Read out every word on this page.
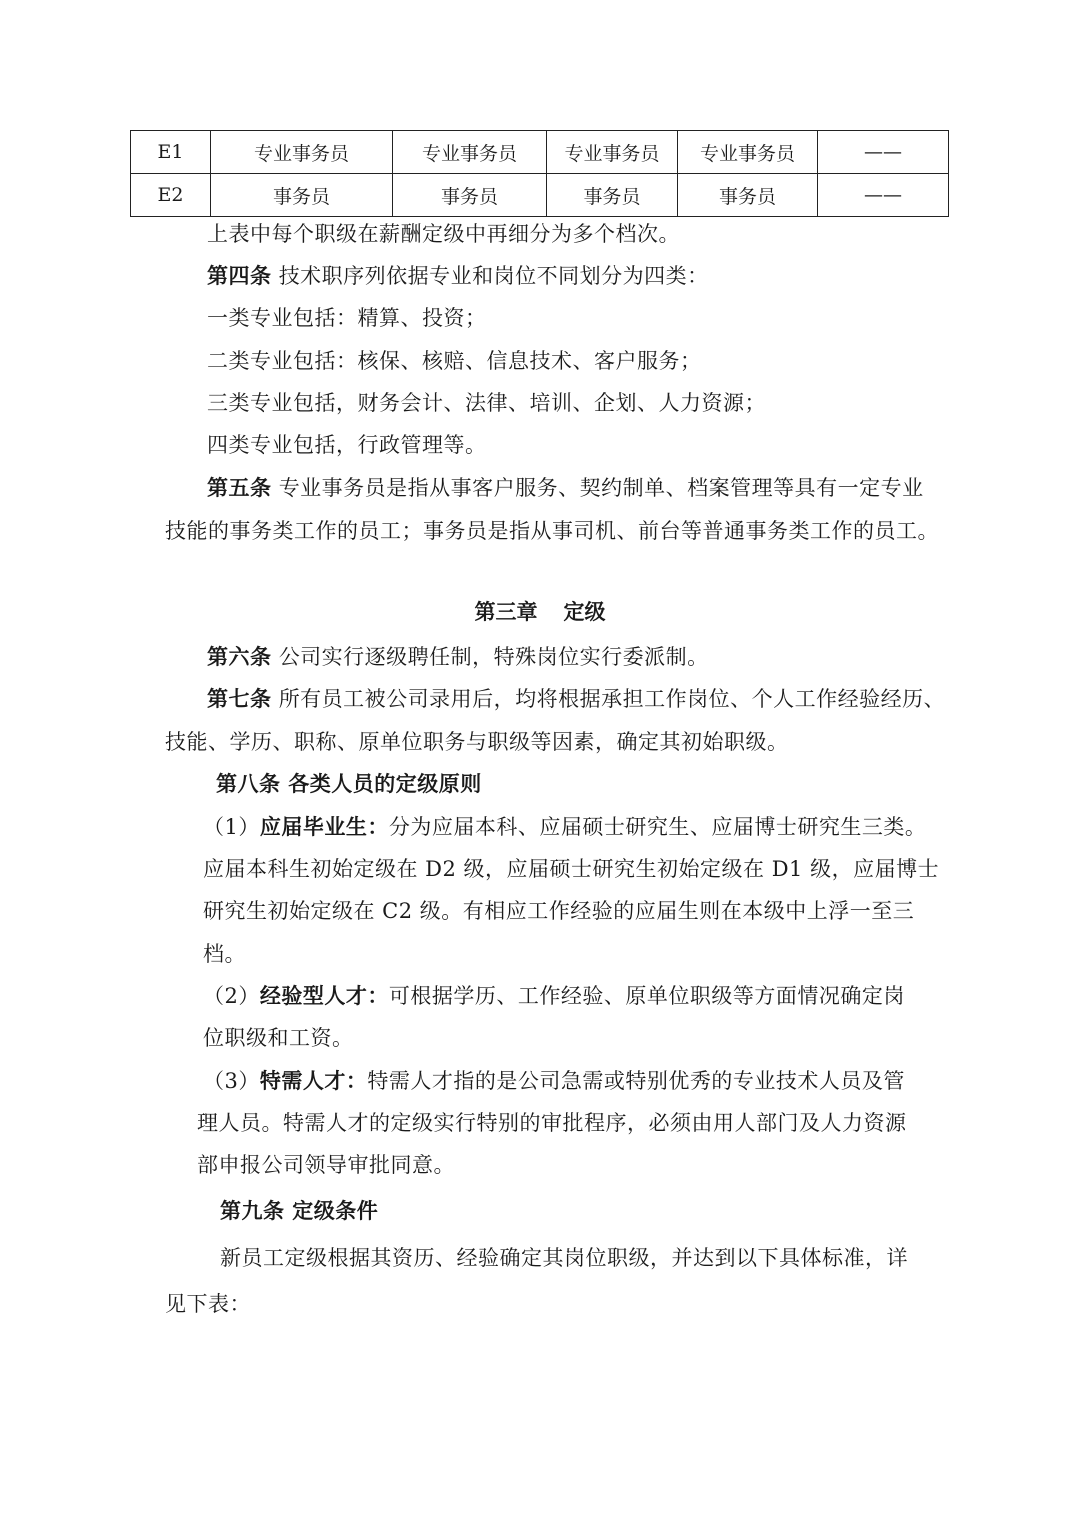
E1	专业事务员	专业事务员	专业事务员	专业事务员	——
E2	事务员	事务员	事务员	事务员	——
上表中每个职级在薪酬定级中再细分为多个档次。
第四条 技术职序列依据专业和岗位不同划分为四类：
一类专业包括：精算、投资；
二类专业包括：核保、核赔、信息技术、客户服务；
三类专业包括，财务会计、法律、培训、企划、人力资源；
四类专业包括，行政管理等。
第五条 专业事务员是指从事客户服务、契约制单、档案管理等具有一定专业
技能的事务类工作的员工；事务员是指从事司机、前台等普通事务类工作的员工。
第三章 定级
第六条 公司实行逐级聘任制，特殊岗位实行委派制。
第七条 所有员工被公司录用后，均将根据承担工作岗位、个人工作经验经历、
技能、学历、职称、原单位职务与职级等因素，确定其初始职级。
第八条 各类人员的定级原则
（1）应届毕业生：分为应届本科、应届硕士研究生、应届博士研究生三类。
应届本科生初始定级在 D2 级，应届硕士研究生初始定级在 D1 级，应届博士
研究生初始定级在 C2 级。有相应工作经验的应届生则在本级中上浮一至三
档。
（2）经验型人才：可根据学历、工作经验、原单位职级等方面情况确定岗
位职级和工资。
（3）特需人才：特需人才指的是公司急需或特别优秀的专业技术人员及管
理人员。特需人才的定级实行特别的审批程序，必须由用人部门及人力资源
部申报公司领导审批同意。
第九条 定级条件
新员工定级根据其资历、经验确定其岗位职级，并达到以下具体标准，详
见下表：
